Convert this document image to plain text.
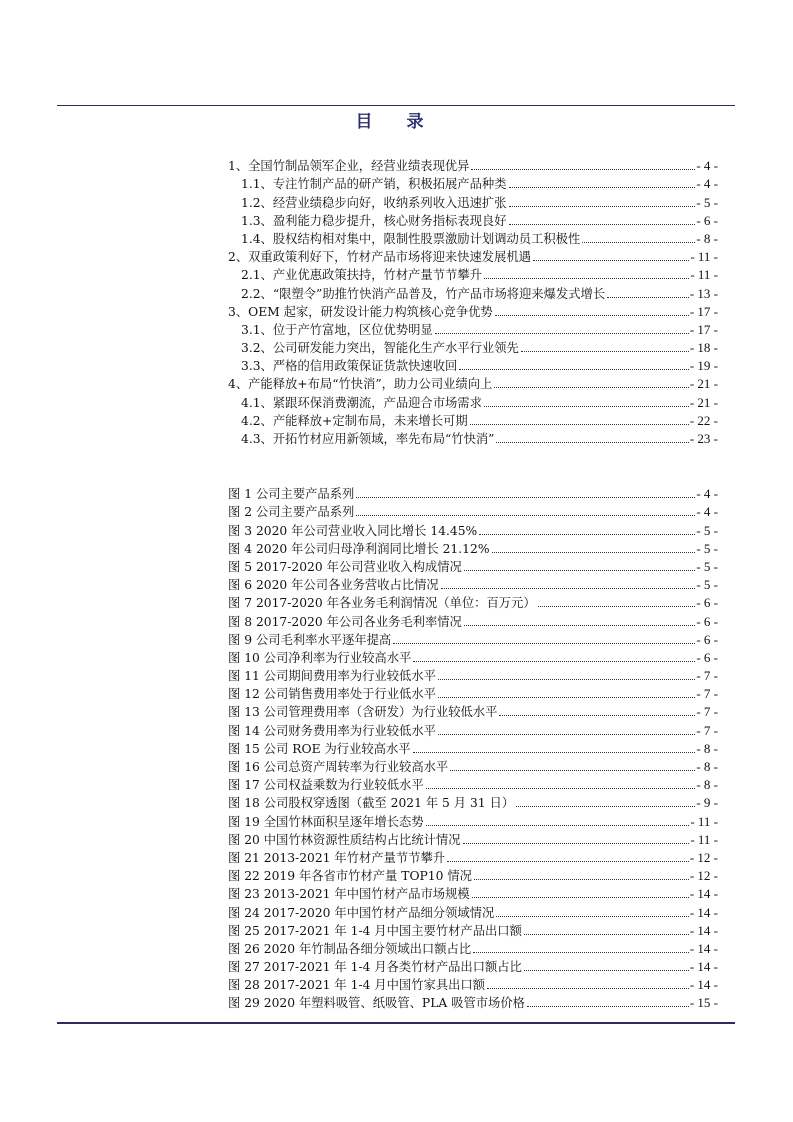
目 录
1、全国竹制品领军企业，经营业绩表现优异	- 4 -
1.1、专注竹制产品的研产销，积极拓展产品种类	- 4 -
1.2、经营业绩稳步向好，收纳系列收入迅速扩张	- 5 -
1.3、盈利能力稳步提升，核心财务指标表现良好	- 6 -
1.4、股权结构相对集中，限制性股票激励计划调动员工积极性	- 8 -
2、双重政策利好下，竹材产品市场将迎来快速发展机遇	- 11 -
2.1、产业优惠政策扶持，竹材产量节节攀升	- 11 -
2.2、“限塑令”助推竹快消产品普及，竹产品市场将迎来爆发式增长	- 13 -
3、OEM 起家，研发设计能力构筑核心竞争优势	- 17 -
3.1、位于产竹富地，区位优势明显	- 17 -
3.2、公司研发能力突出，智能化生产水平行业领先	- 18 -
3.3、严格的信用政策保证货款快速收回	- 19 -
4、产能释放+布局“竹快消”，助力公司业绩向上	- 21 -
4.1、紧跟环保消费潮流，产品迎合市场需求	- 21 -
4.2、产能释放+定制布局，未来增长可期	- 22 -
4.3、开拓竹材应用新领域，率先布局“竹快消”	- 23 -
图 1 公司主要产品系列	- 4 -
图 2 公司主要产品系列	- 4 -
图 3 2020 年公司营业收入同比增长 14.45%	- 5 -
图 4 2020 年公司归母净利润同比增长 21.12%	- 5 -
图 5 2017-2020 年公司营业收入构成情况	- 5 -
图 6 2020 年公司各业务营收占比情况	- 5 -
图 7 2017-2020 年各业务毛利润情况（单位：百万元）	- 6 -
图 8 2017-2020 年公司各业务毛利率情况	- 6 -
图 9 公司毛利率水平逐年提高	- 6 -
图 10 公司净利率为行业较高水平	- 6 -
图 11 公司期间费用率为行业较低水平	- 7 -
图 12 公司销售费用率处于行业低水平	- 7 -
图 13 公司管理费用率（含研发）为行业较低水平	- 7 -
图 14 公司财务费用率为行业较低水平	- 7 -
图 15 公司 ROE 为行业较高水平	- 8 -
图 16 公司总资产周转率为行业较高水平	- 8 -
图 17 公司权益乘数为行业较低水平	- 8 -
图 18 公司股权穿透图（截至 2021 年 5 月 31 日）	- 9 -
图 19 全国竹林面积呈逐年增长态势	- 11 -
图 20 中国竹林资源性质结构占比统计情况	- 11 -
图 21 2013-2021 年竹材产量节节攀升	- 12 -
图 22 2019 年各省市竹材产量 TOP10 情况	- 12 -
图 23 2013-2021 年中国竹材产品市场规模	- 14 -
图 24 2017-2020 年中国竹材产品细分领域情况	- 14 -
图 25 2017-2021 年 1-4 月中国主要竹材产品出口额	- 14 -
图 26 2020 年竹制品各细分领域出口额占比	- 14 -
图 27 2017-2021 年 1-4 月各类竹材产品出口额占比	- 14 -
图 28 2017-2021 年 1-4 月中国竹家具出口额	- 14 -
图 29 2020 年塑料吸管、纸吸管、PLA 吸管市场价格	- 15 -
